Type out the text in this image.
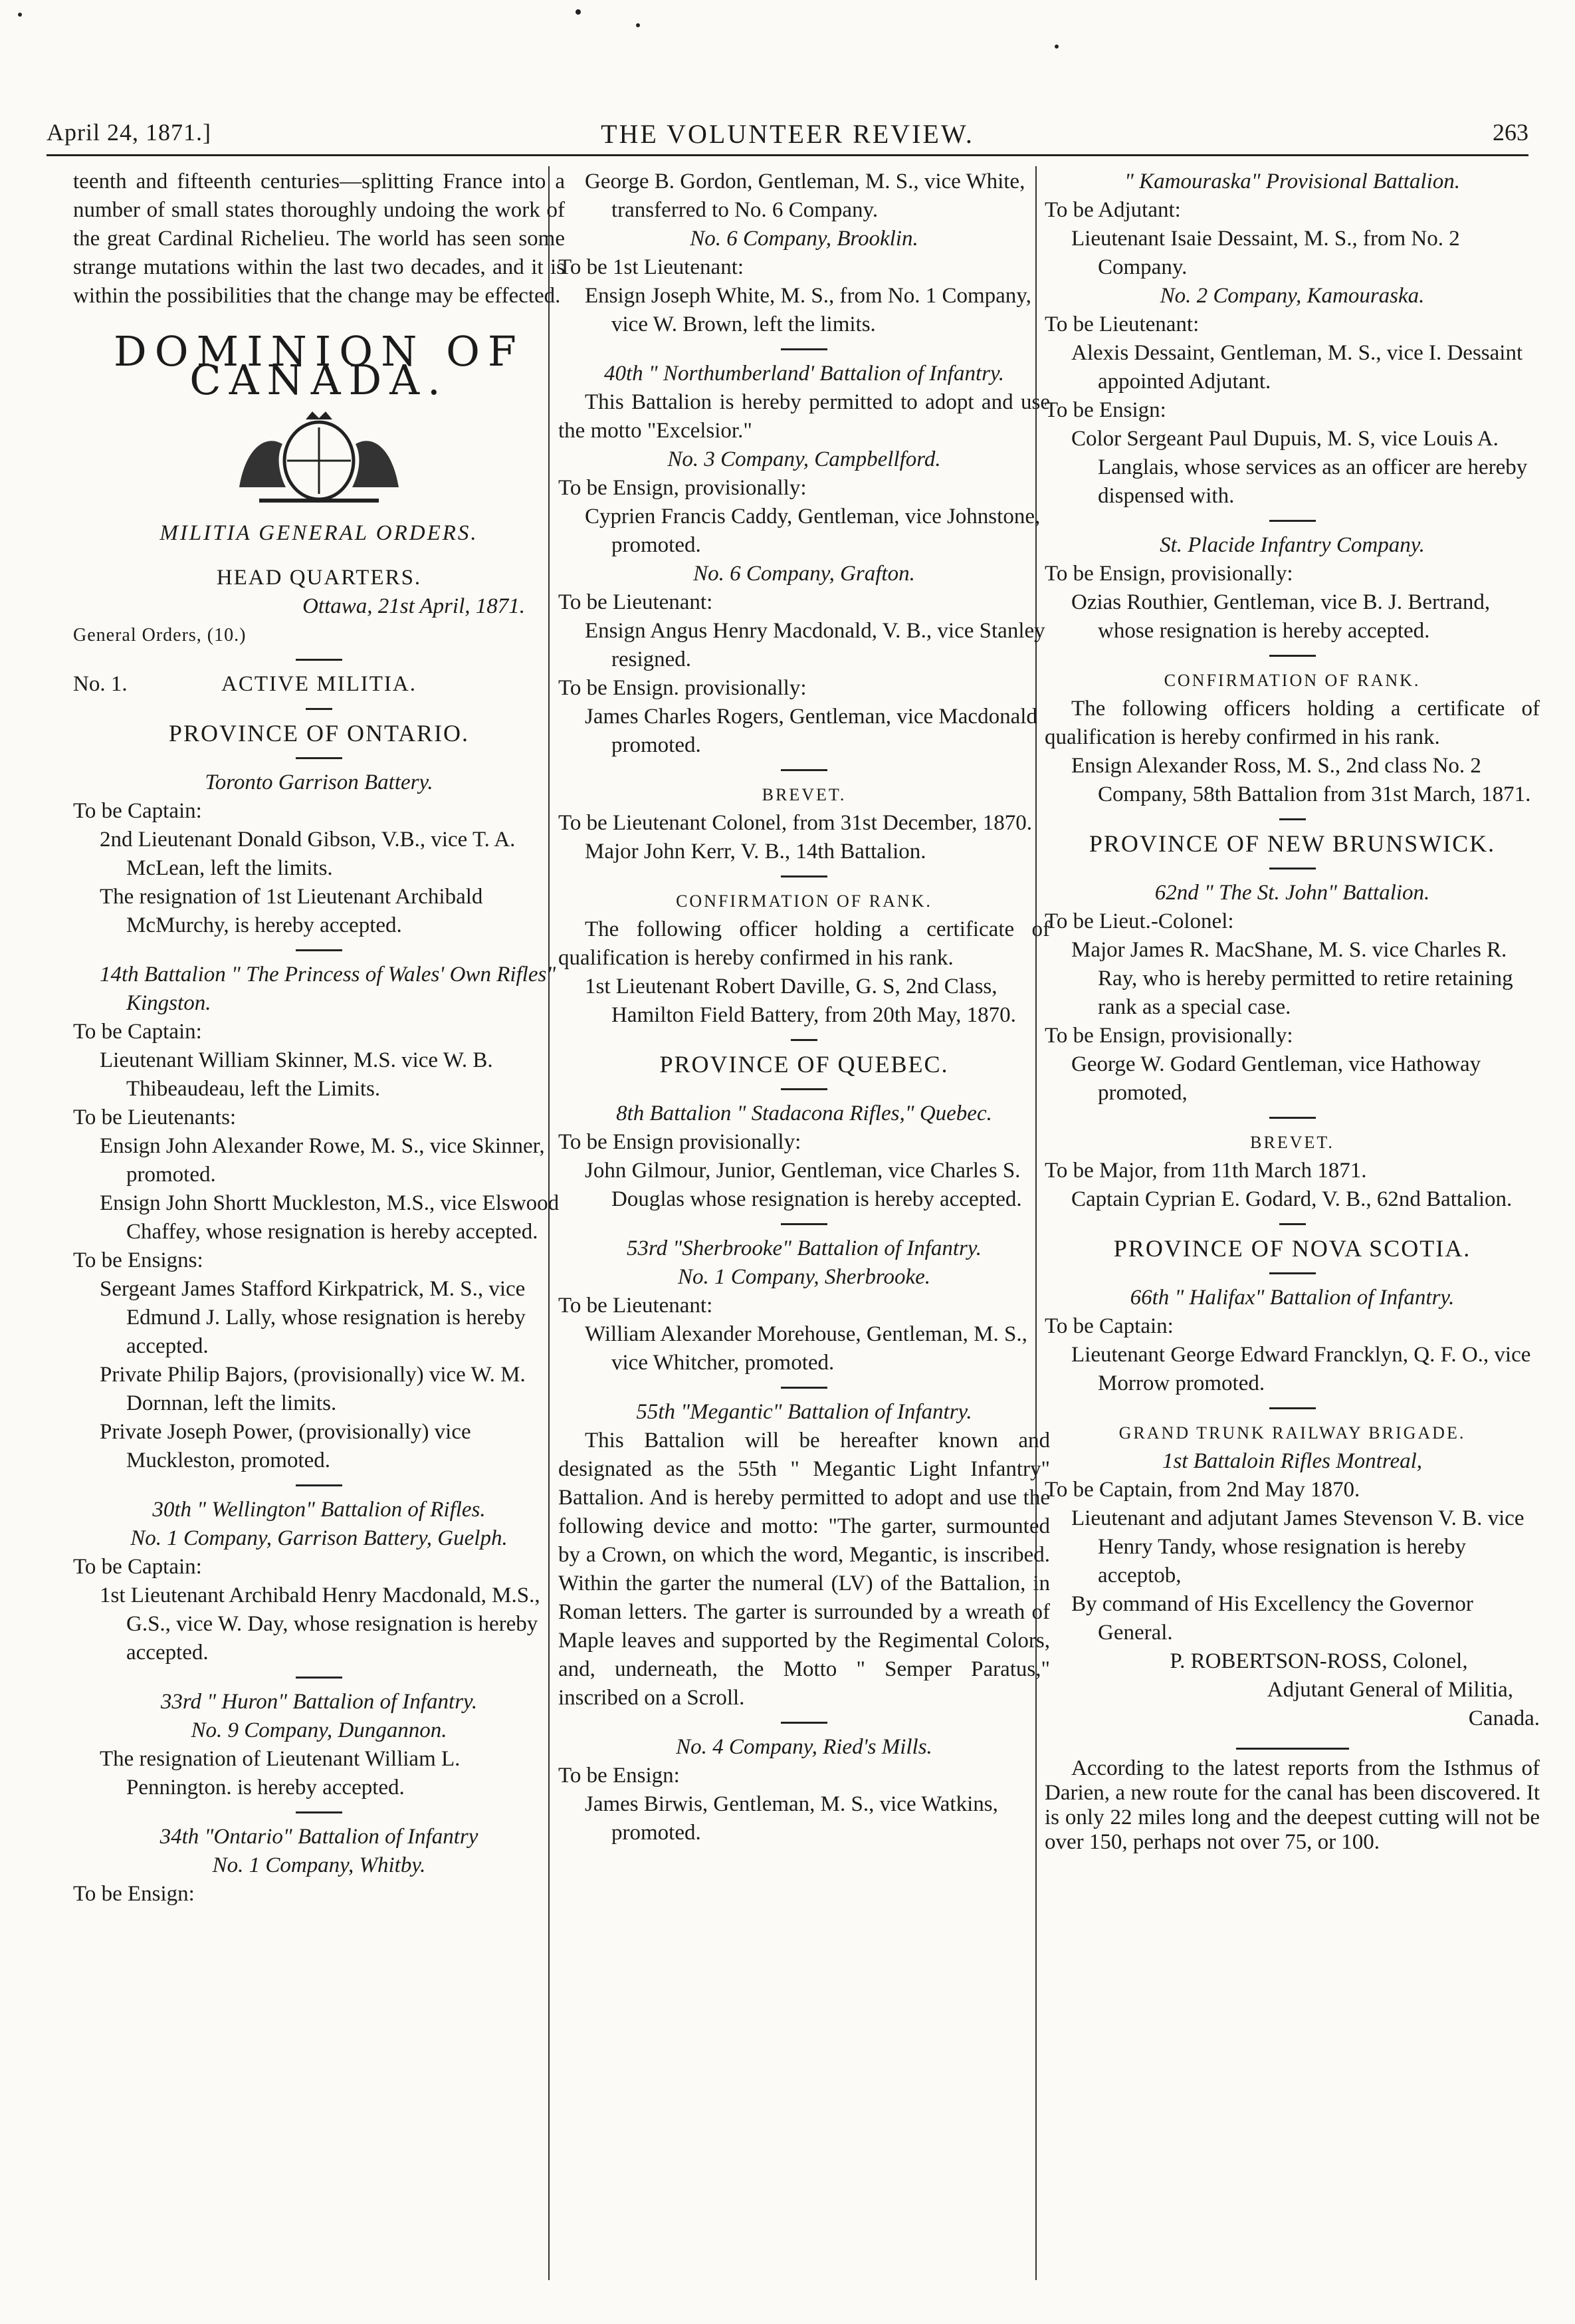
April 24, 1871.]	THE VOLUNTEER REVIEW.	263

teenth and fifteenth centuries—splitting France into a number of small states thoroughly undoing the work of the great Cardinal Richelieu. The world has seen some strange mutations within the last two decades, and it is within the possibilities that the change may be effected.

DOMINION OF CANADA.

MILITIA GENERAL ORDERS.

HEAD QUARTERS.

Ottawa, 21st April, 1871.

General Orders, (10.)

No. 1.	ACTIVE MILITIA.

PROVINCE OF ONTARIO.

Toronto Garrison Battery.

To be Captain:

2nd Lieutenant Donald Gibson, V.B., vice T. A. McLean, left the limits.

The resignation of 1st Lieutenant Archibald McMurchy, is hereby accepted.

14th Battalion " The Princess of Wales' Own Rifles" Kingston.

To be Captain:

Lieutenant William Skinner, M.S. vice W. B. Thibeaudeau, left the Limits.

To be Lieutenants:

Ensign John Alexander Rowe, M. S., vice Skinner, promoted.

Ensign John Shortt Muckleston, M.S., vice Elswood Chaffey, whose resignation is hereby accepted.

To be Ensigns:

Sergeant James Stafford Kirkpatrick, M. S., vice Edmund J. Lally, whose resignation is hereby accepted.

Private Philip Bajors, (provisionally) vice W. M. Dornnan, left the limits.

Private Joseph Power, (provisionally) vice Muckleston, promoted.

30th " Wellington" Battalion of Rifles.

No. 1 Company, Garrison Battery, Guelph.

To be Captain:

1st Lieutenant Archibald Henry Macdonald, M.S., G.S., vice W. Day, whose resignation is hereby accepted.

33rd " Huron" Battalion of Infantry.

No. 9 Company, Dungannon.

The resignation of Lieutenant William L. Pennington. is hereby accepted.

34th "Ontario" Battalion of Infantry

No. 1 Company, Whitby.

To be Ensign:

George B. Gordon, Gentleman, M. S., vice White, transferred to No. 6 Company.

No. 6 Company, Brooklin.

To be 1st Lieutenant:

Ensign Joseph White, M. S., from No. 1 Company, vice W. Brown, left the limits.

40th " Northumberland' Battalion of Infantry.

This Battalion is hereby permitted to adopt and use the motto "Excelsior."

No. 3 Company, Campbellford.

To be Ensign, provisionally:

Cyprien Francis Caddy, Gentleman, vice Johnstone, promoted.

No. 6 Company, Grafton.

To be Lieutenant:

Ensign Angus Henry Macdonald, V. B., vice Stanley resigned.

To be Ensign. provisionally:

James Charles Rogers, Gentleman, vice Macdonald promoted.

BREVET.

To be Lieutenant Colonel, from 31st December, 1870.

Major John Kerr, V. B., 14th Battalion.

CONFIRMATION OF RANK.

The following officer holding a certificate of qualification is hereby confirmed in his rank.

1st Lieutenant Robert Daville, G. S, 2nd Class, Hamilton Field Battery, from 20th May, 1870.

PROVINCE OF QUEBEC.

8th Battalion " Stadacona Rifles," Quebec.

To be Ensign provisionally:

John Gilmour, Junior, Gentleman, vice Charles S. Douglas whose resignation is hereby accepted.

53rd "Sherbrooke" Battalion of Infantry.

No. 1 Company, Sherbrooke.

To be Lieutenant:

William Alexander Morehouse, Gentleman, M. S., vice Whitcher, promoted.

55th "Megantic" Battalion of Infantry.

This Battalion will be hereafter known and designated as the 55th " Megantic Light Infantry" Battalion. And is hereby permitted to adopt and use the following device and motto: "The garter, surmounted by a Crown, on which the word, Megantic, is inscribed. Within the garter the numeral (LV) of the Battalion, in Roman letters. The garter is surrounded by a wreath of Maple leaves and supported by the Regimental Colors, and, underneath, the Motto " Semper Paratus," inscribed on a Scroll.

No. 4 Company, Ried's Mills.

To be Ensign:

James Birwis, Gentleman, M. S., vice Watkins, promoted.

" Kamouraska" Provisional Battalion.

To be Adjutant:

Lieutenant Isaie Dessaint, M. S., from No. 2 Company.

No. 2 Company, Kamouraska.

To be Lieutenant:

Alexis Dessaint, Gentleman, M. S., vice I. Dessaint appointed Adjutant.

To be Ensign:

Color Sergeant Paul Dupuis, M. S, vice Louis A. Langlais, whose services as an officer are hereby dispensed with.

St. Placide Infantry Company.

To be Ensign, provisionally:

Ozias Routhier, Gentleman, vice B. J. Bertrand, whose resignation is hereby accepted.

CONFIRMATION OF RANK.

The following officers holding a certificate of qualification is hereby confirmed in his rank.

Ensign Alexander Ross, M. S., 2nd class No. 2 Company, 58th Battalion from 31st March, 1871.

PROVINCE OF NEW BRUNSWICK.

62nd " The St. John" Battalion.

To be Lieut.-Colonel:

Major James R. MacShane, M. S. vice Charles R. Ray, who is hereby permitted to retire retaining rank as a special case.

To be Ensign, provisionally:

George W. Godard Gentleman, vice Hathoway promoted,

BREVET.

To be Major, from 11th March 1871.

Captain Cyprian E. Godard, V. B., 62nd Battalion.

PROVINCE OF NOVA SCOTIA.

66th " Halifax" Battalion of Infantry.

To be Captain:

Lieutenant George Edward Francklyn, Q. F. O., vice Morrow promoted.

GRAND TRUNK RAILWAY BRIGADE.

1st Battaloin Rifles Montreal,

To be Captain, from 2nd May 1870.

Lieutenant and adjutant James Stevenson V. B. vice Henry Tandy, whose resignation is hereby acceptob,

By command of His Excellency the Governor General.

P. ROBERTSON-ROSS, Colonel,

Adjutant General of Militia,

Canada.

According to the latest reports from the Isthmus of Darien, a new route for the canal has been discovered. It is only 22 miles long and the deepest cutting will not be over 150, perhaps not over 75, or 100.
